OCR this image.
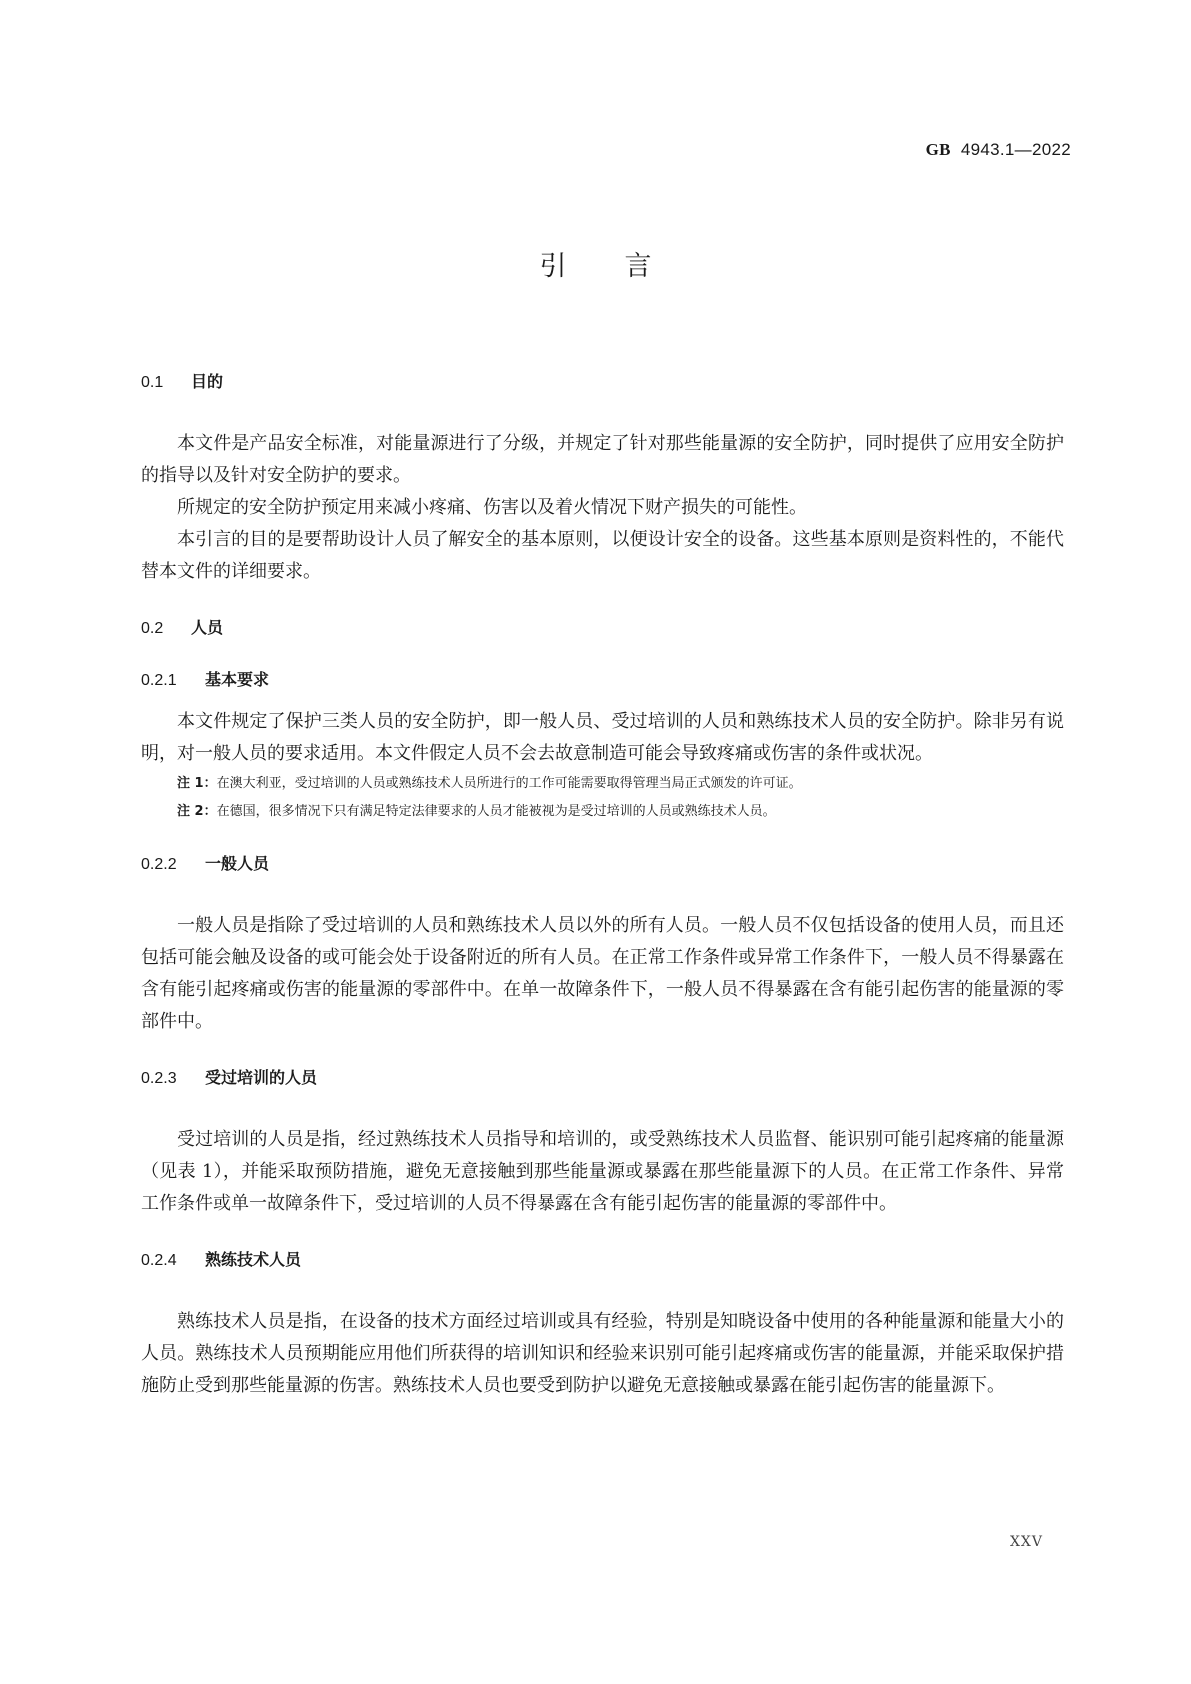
GB 4943.1—2022
引言
0.1 目的

本文件是产品安全标准，对能量源进行了分级，并规定了针对那些能量源的安全防护，同时提供了应用安全防护的指导以及针对安全防护的要求。

所规定的安全防护预定用来减小疼痛、伤害以及着火情况下财产损失的可能性。

本引言的目的是要帮助设计人员了解安全的基本原则，以便设计安全的设备。这些基本原则是资料性的，不能代替本文件的详细要求。

0.2 人员
0.2.1 基本要求

本文件规定了保护三类人员的安全防护，即一般人员、受过培训的人员和熟练技术人员的安全防护。除非另有说明，对一般人员的要求适用。本文件假定人员不会去故意制造可能会导致疼痛或伤害的条件或状况。

注 1：在澳大利亚，受过培训的人员或熟练技术人员所进行的工作可能需要取得管理当局正式颁发的许可证。

注 2：在德国，很多情况下只有满足特定法律要求的人员才能被视为是受过培训的人员或熟练技术人员。

0.2.2 一般人员

一般人员是指除了受过培训的人员和熟练技术人员以外的所有人员。一般人员不仅包括设备的使用人员，而且还包括可能会触及设备的或可能会处于设备附近的所有人员。在正常工作条件或异常工作条件下，一般人员不得暴露在含有能引起疼痛或伤害的能量源的零部件中。在单一故障条件下，一般人员不得暴露在含有能引起伤害的能量源的零部件中。

0.2.3 受过培训的人员

受过培训的人员是指，经过熟练技术人员指导和培训的，或受熟练技术人员监督、能识别可能引起疼痛的能量源（见表 1），并能采取预防措施，避免无意接触到那些能量源或暴露在那些能量源下的人员。在正常工作条件、异常工作条件或单一故障条件下，受过培训的人员不得暴露在含有能引起伤害的能量源的零部件中。

0.2.4 熟练技术人员

熟练技术人员是指，在设备的技术方面经过培训或具有经验，特别是知晓设备中使用的各种能量源和能量大小的人员。熟练技术人员预期能应用他们所获得的培训知识和经验来识别可能引起疼痛或伤害的能量源，并能采取保护措施防止受到那些能量源的伤害。熟练技术人员也要受到防护以避免无意接触或暴露在能引起伤害的能量源下。

XXV
